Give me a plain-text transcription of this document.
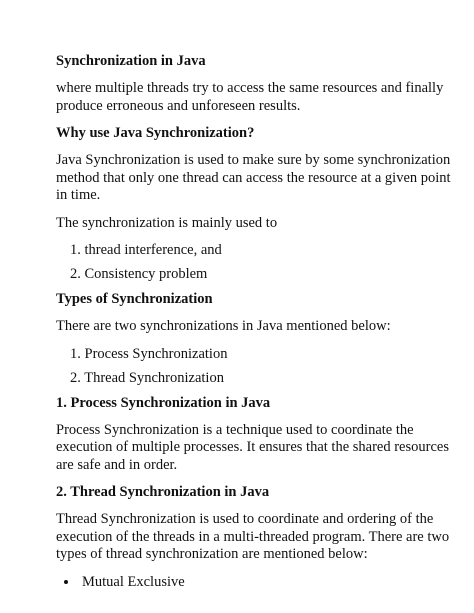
Synchronization in Java

where multiple threads try to access the same resources and finally produce erroneous and unforeseen results.

Why use Java Synchronization?

Java Synchronization is used to make sure by some synchronization method that only one thread can access the resource at a given point in time.

The synchronization is mainly used to

1. thread interference, and
2. Consistency problem
Types of Synchronization

There are two synchronizations in Java mentioned below:

1. Process Synchronization
2. Thread Synchronization
1. Process Synchronization in Java

Process Synchronization is a technique used to coordinate the execution of multiple processes. It ensures that the shared resources are safe and in order.

2. Thread Synchronization in Java

Thread Synchronization is used to coordinate and ordering of the execution of the threads in a multi-threaded program. There are two types of thread synchronization are mentioned below:

Mutual Exclusive
